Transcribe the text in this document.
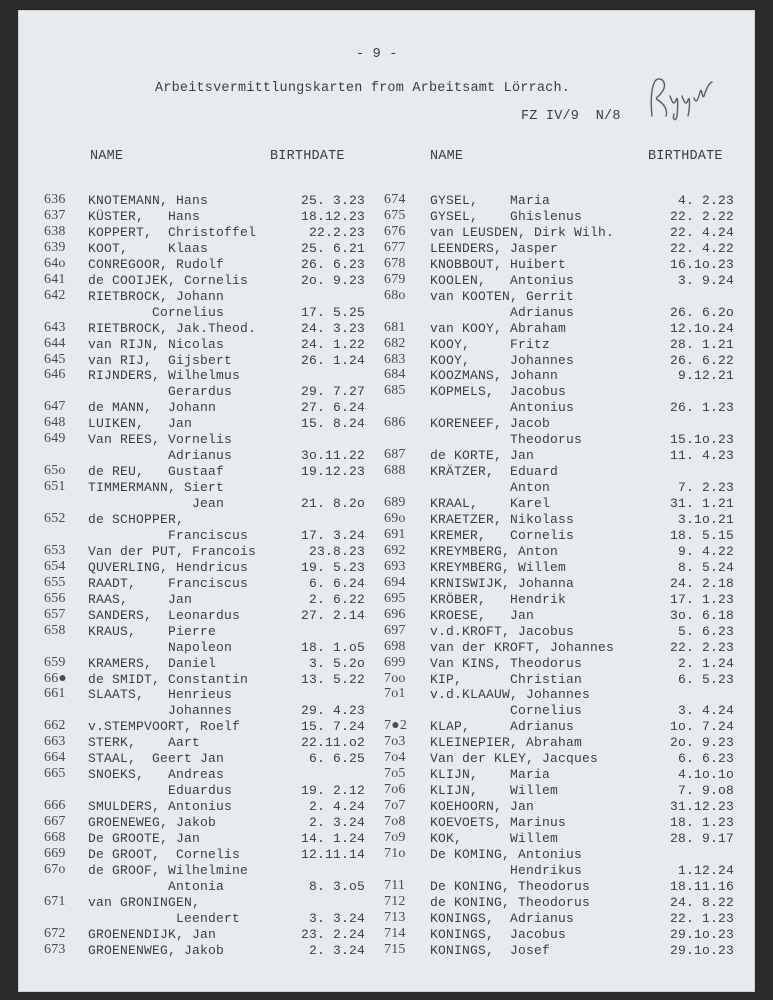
- 9 -
Arbeitsvermittlungskarten from Arbeitsamt Lörrach.
FZ IV/9  N/8
NAME	BIRTHDATE	NAME	BIRTHDATE
636 KNOTEMANN, Hans	25. 3.23
637 KÜSTER,   Hans	18.12.23
638 KOPPERT,  Christoffel	22.2.23
639 KOOT,     Klaas	25. 6.21
64o CONREGOOR, Rudolf	26. 6.23
641 de COOIJEK, Cornelis	2o. 9.23
642 RIETBROCK, Johann
Cornelius	17. 5.25
643 RIETBROCK, Jak.Theod.	24. 3.23
644 van RIJN, Nicolas	24. 1.22
645 van RIJ,  Gijsbert	26. 1.24
646 RIJNDERS, Wilhelmus
Gerardus	29. 7.27
647 de MANN,  Johann	27. 6.24
648 LUIKEN,   Jan	15. 8.24
649 Van REES, Vornelis
Adrianus	3o.11.22
65o de REU,   Gustaaf	19.12.23
651 TIMMERMANN, Siert
Jean	21. 8.2o
652 de SCHOPPER,
Franciscus	17. 3.24
653 Van der PUT, Francois	23.8.23
654 QUVERLING, Hendricus	19. 5.23
655 RAADT,    Franciscus	6. 6.24
656 RAAS,     Jan	2. 6.22
657 SANDERS,  Leonardus	27. 2.14
658 KRAUS,    Pierre
Napoleon	18. 1.o5
659 KRAMERS,  Daniel	3. 5.2o
66● de SMIDT, Constantin	13. 5.22
661 SLAATS,   Henrieus
Johannes	29. 4.23
662 v.STEMPVOORT, Roelf	15. 7.24
663 STERK,    Aart	22.11.o2
664 STAAL,  Geert Jan	6. 6.25
665 SNOEKS,   Andreas
Eduardus	19. 2.12
666 SMULDERS, Antonius	2. 4.24
667 GROENEWEG, Jakob	2. 3.24
668 De GROOTE, Jan	14. 1.24
669 De GROOT,  Cornelis	12.11.14
67o de GROOF, Wilhelmine
Antonia	8. 3.o5
671 van GRONINGEN,
Leendert	3. 3.24
672 GROENENDIJK, Jan	23. 2.24
673 GROENENWEG, Jakob	2. 3.24
674 GYSEL,    Maria	4. 2.23
675 GYSEL,    Ghislenus	22. 2.22
676 van LEUSDEN, Dirk Wilh.	22. 4.24
677 LEENDERS, Jasper	22. 4.22
678 KNOBBOUT, Huibert	16.1o.23
679 KOOLEN,   Antonius	3. 9.24
68o van KOOTEN, Gerrit
Adrianus	26. 6.2o
681 van KOOY, Abraham	12.1o.24
682 KOOY,     Fritz	28. 1.21
683 KOOY,     Johannes	26. 6.22
684 KOOZMANS, Johann	9.12.21
685 KOPMELS,  Jacobus
Antonius	26. 1.23
686 KORENEEF, Jacob
Theodorus	15.1o.23
687 de KORTE, Jan	11. 4.23
688 KRÄTZER,  Eduard
Anton	7. 2.23
689 KRAAL,    Karel	31. 1.21
69o KRAETZER, Nikolass	3.1o.21
691 KREMER,   Cornelis	18. 5.15
692 KREYMBERG, Anton	9. 4.22
693 KREYMBERG, Willem	8. 5.24
694 KRNISWIJK, Johanna	24. 2.18
695 KRÖBER,   Hendrik	17. 1.23
696 KROESE,   Jan	3o. 6.18
697 v.d.KROFT, Jacobus	5. 6.23
698 van der KROFT, Johannes	22. 2.23
699 Van KINS, Theodorus	2. 1.24
7oo KIP,      Christian	6. 5.23
7o1 v.d.KLAAUW, Johannes
Cornelius	3. 4.24
7●2 KLAP,     Adrianus	1o. 7.24
7o3 KLEINEPIER, Abraham	2o. 9.23
7o4 Van der KLEY, Jacques	6. 6.23
7o5 KLIJN,    Maria	4.1o.1o
7o6 KLIJN,    Willem	7. 9.o8
7o7 KOEHOORN, Jan	31.12.23
7o8 KOEVOETS, Marinus	18. 1.23
7o9 KOK,      Willem	28. 9.17
71o De KOMING, Antonius
Hendrikus	1.12.24
711 De KONING, Theodorus	18.11.16
712 de KONING, Theodorus	24. 8.22
713 KONINGS,  Adrianus	22. 1.23
714 KONINGS,  Jacobus	29.1o.23
715 KONINGS,  Josef	29.1o.23
